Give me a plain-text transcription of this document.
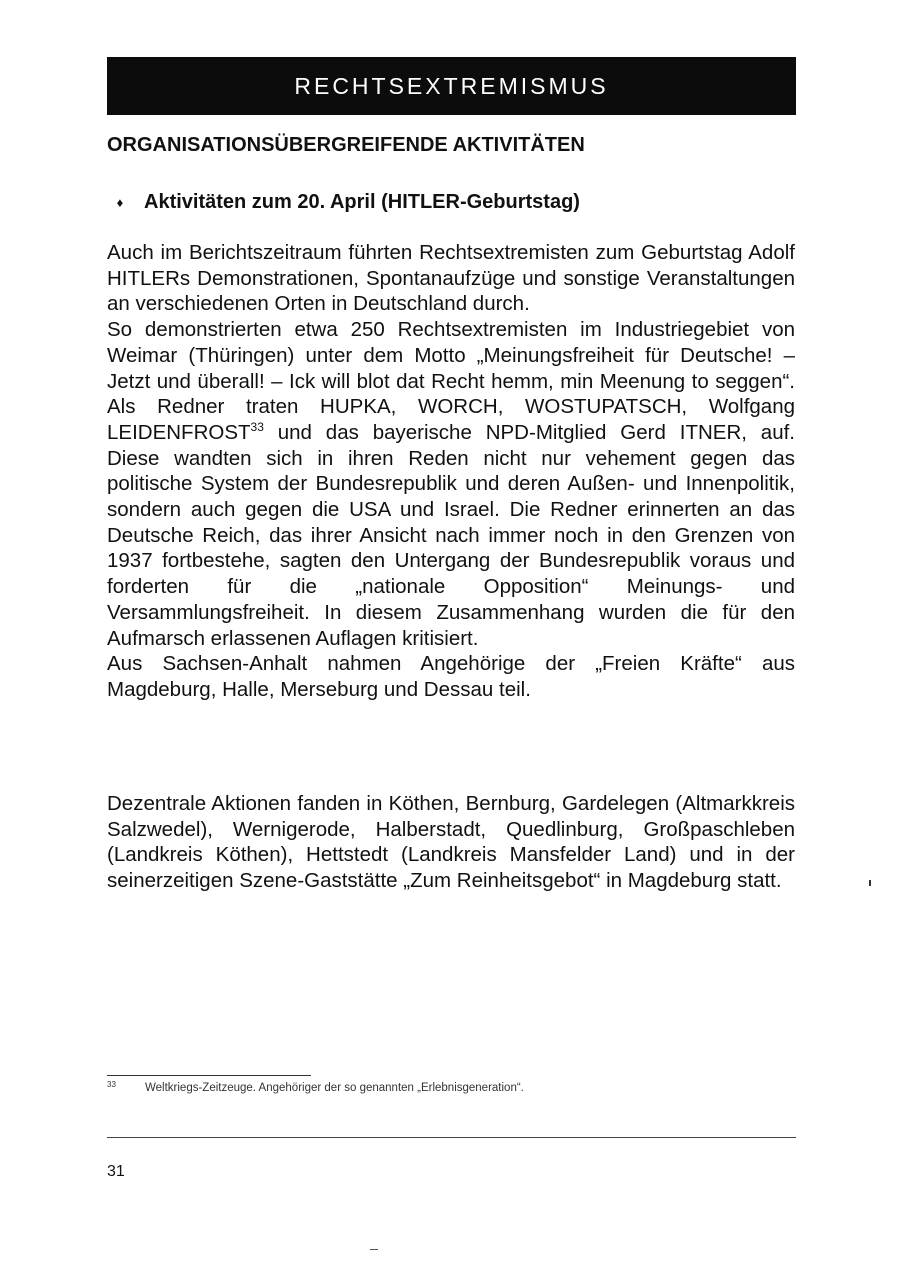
RECHTSEXTREMISMUS
ORGANISATIONSÜBERGREIFENDE AKTIVITÄTEN
♦	Aktivitäten zum 20. April (HITLER-Geburtstag)

Auch im Berichtszeitraum führten Rechtsextremisten zum Geburtstag Adolf HITLERs Demonstrationen, Spontanaufzüge und sonstige Veranstaltungen an verschiedenen Orten in Deutschland durch.

So demonstrierten etwa 250 Rechtsextremisten im Industriegebiet von Weimar (Thüringen) unter dem Motto „Meinungsfreiheit für Deutsche! – Jetzt und überall! – Ick will blot dat Recht hemm, min Meenung to seggen“. Als Redner traten HUPKA, WORCH, WOSTUPATSCH, Wolfgang LEIDENFROST$^{33}$ und das bayerische NPD-Mitglied Gerd ITNER, auf. Diese wandten sich in ihren Reden nicht nur vehement gegen das politische System der Bundesrepublik und deren Außen- und Innenpolitik, sondern auch gegen die USA und Israel. Die Redner erinnerten an das Deutsche Reich, das ihrer Ansicht nach immer noch in den Grenzen von 1937 fortbestehe, sagten den Untergang der Bundesrepublik voraus und forderten für die „nationale Opposition“ Meinungs- und Versammlungsfreiheit. In diesem Zusammenhang wurden die für den Aufmarsch erlassenen Auflagen kritisiert.

Aus Sachsen-Anhalt nahmen Angehörige der „Freien Kräfte“ aus Magdeburg, Halle, Merseburg und Dessau teil.

Dezentrale Aktionen fanden in Köthen, Bernburg, Gardelegen (Altmarkkreis Salzwedel), Wernigerode, Halberstadt, Quedlinburg, Großpaschleben (Landkreis Köthen), Hettstedt (Landkreis Mansfelder Land) und in der seinerzeitigen Szene-Gaststätte „Zum Reinheitsgebot“ in Magdeburg statt.

33	Weltkriegs-Zeitzeuge. Angehöriger der so genannten „Erlebnisgeneration“.
31
